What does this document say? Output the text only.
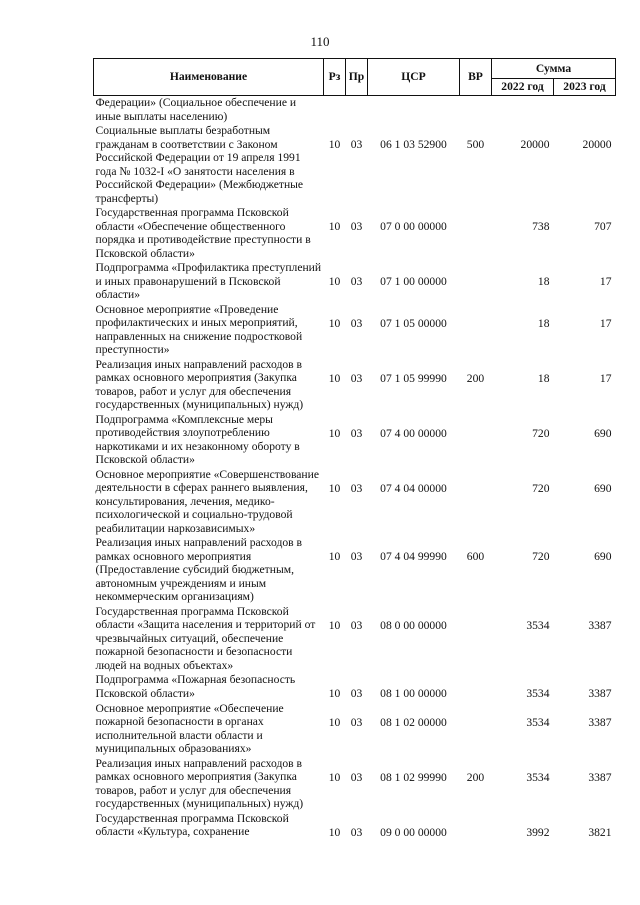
110
Наименование	Рз	Пр	ЦСР	ВР	Сумма	
					2022 год	2023 год
Федерации» (Социальное обеспечение и иные выплаты населению)						
Социальные выплаты безработным гражданам в соответствии с Законом Российской Федерации от 19 апреля 1991 года № 1032-I «О занятости населения в Российской Федерации» (Межбюджетные трансферты)	10	03	06 1 03 52900	500	20000	20000
Государственная программа Псковской области «Обеспечение общественного порядка и противодействие преступности в Псковской области»	10	03	07 0 00 00000		738	707
Подпрограмма «Профилактика преступлений и иных правонарушений в Псковской области»	10	03	07 1 00 00000		18	17
Основное мероприятие «Проведение профилактических и иных мероприятий, направленных на снижение подростковой преступности»	10	03	07 1 05 00000		18	17
Реализация иных направлений расходов в рамках основного мероприятия (Закупка товаров, работ и услуг для обеспечения государственных (муниципальных) нужд)	10	03	07 1 05 99990	200	18	17
Подпрограмма «Комплексные меры противодействия злоупотреблению наркотиками и их незаконному обороту в Псковской области»	10	03	07 4 00 00000		720	690
Основное мероприятие «Совершенствование деятельности в сферах раннего выявления, консультирования, лечения, медико-психологической и социально-трудовой реабилитации наркозависимых»	10	03	07 4 04 00000		720	690
Реализация иных направлений расходов в рамках основного мероприятия (Предоставление субсидий бюджетным, автономным учреждениям и иным некоммерческим организациям)	10	03	07 4 04 99990	600	720	690
Государственная программа Псковской области «Защита населения и территорий от чрезвычайных ситуаций, обеспечение пожарной безопасности и безопасности людей на водных объектах»	10	03	08 0 00 00000		3534	3387
Подпрограмма «Пожарная безопасность Псковской области»	10	03	08 1 00 00000		3534	3387
Основное мероприятие «Обеспечение пожарной безопасности в органах исполнительной власти области и муниципальных образованиях»	10	03	08 1 02 00000		3534	3387
Реализация иных направлений расходов в рамках основного мероприятия (Закупка товаров, работ и услуг для обеспечения государственных (муниципальных) нужд)	10	03	08 1 02 99990	200	3534	3387
Государственная программа Псковской области «Культура, сохранение	10	03	09 0 00 00000		3992	3821
